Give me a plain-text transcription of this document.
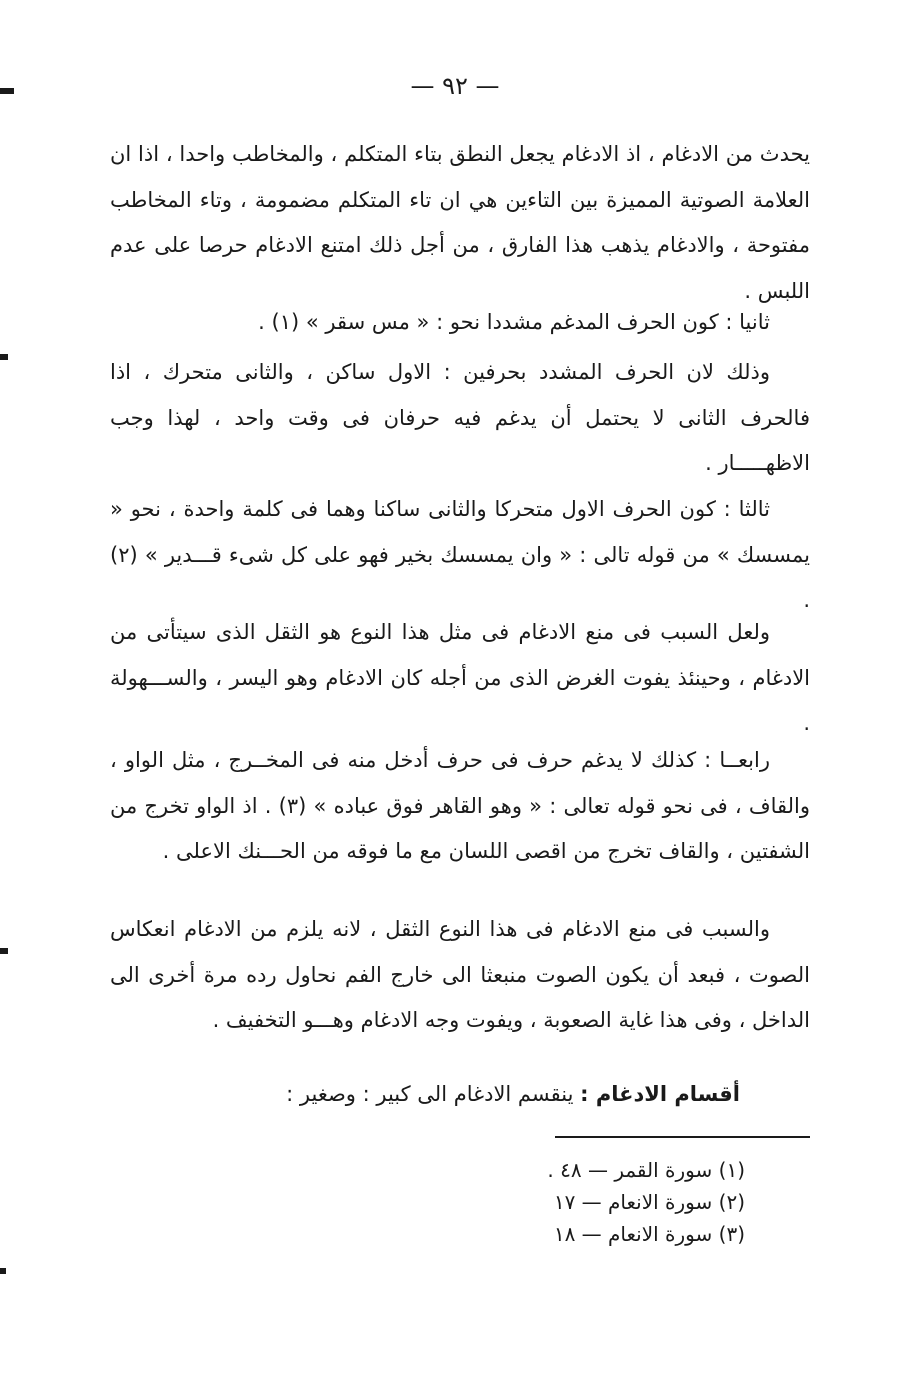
— ٩٢ —

يحدث من الادغام ، اذ الادغام يجعل النطق بتاء المتكلم ، والمخاطب واحدا ، اذا ان العلامة الصوتية المميزة بين التاءين هي ان تاء المتكلم مضمومة ، وتاء المخاطب مفتوحة ، والادغام يذهب هذا الفارق ، من أجل ذلك امتنع الادغام حرصا على عدم اللبس .

ثانيا : كون الحرف المدغم مشددا نحو : « مس سقر » (١) .

وذلك لان الحرف المشدد بحرفين : الاول ساكن ، والثانى متحرك ، اذا فالحرف الثانى لا يحتمل أن يدغم فيه حرفان فى وقت واحد ، لهذا وجب الاظهـــــار .

ثالثا : كون الحرف الاول متحركا والثانى ساكنا وهما فى كلمة واحدة ، نحو « يمسسك » من قوله تالى : « وان يمسسك بخير فهو على كل شىء قـــدير » (٢) .

ولعل السبب فى منع الادغام فى مثل هذا النوع هو الثقل الذى سيتأتى من الادغام ، وحينئذ يفوت الغرض الذى من أجله كان الادغام وهو اليسر ، والســـهولة .

رابعــا : كذلك لا يدغم حرف فى حرف أدخل منه فى المخــرج ، مثل الواو ، والقاف ، فى نحو قوله تعالى : « وهو القاهر فوق عباده » (٣) . اذ الواو تخرج من الشفتين ، والقاف تخرج من اقصى اللسان مع ما فوقه من الحـــنك الاعلى .

والسبب فى منع الادغام فى هذا النوع الثقل ، لانه يلزم من الادغام انعكاس الصوت ، فبعد أن يكون الصوت منبعثا الى خارج الفم نحاول رده مرة أخرى الى الداخل ، وفى هذا غاية الصعوبة ، ويفوت وجه الادغام وهـــو التخفيف .

أقسام الادغام : ينقسم الادغام الى كبير : وصغير :
(١) سورة القمر — ٤٨ .
(٢) سورة الانعام — ١٧
(٣) سورة الانعام — ١٨
